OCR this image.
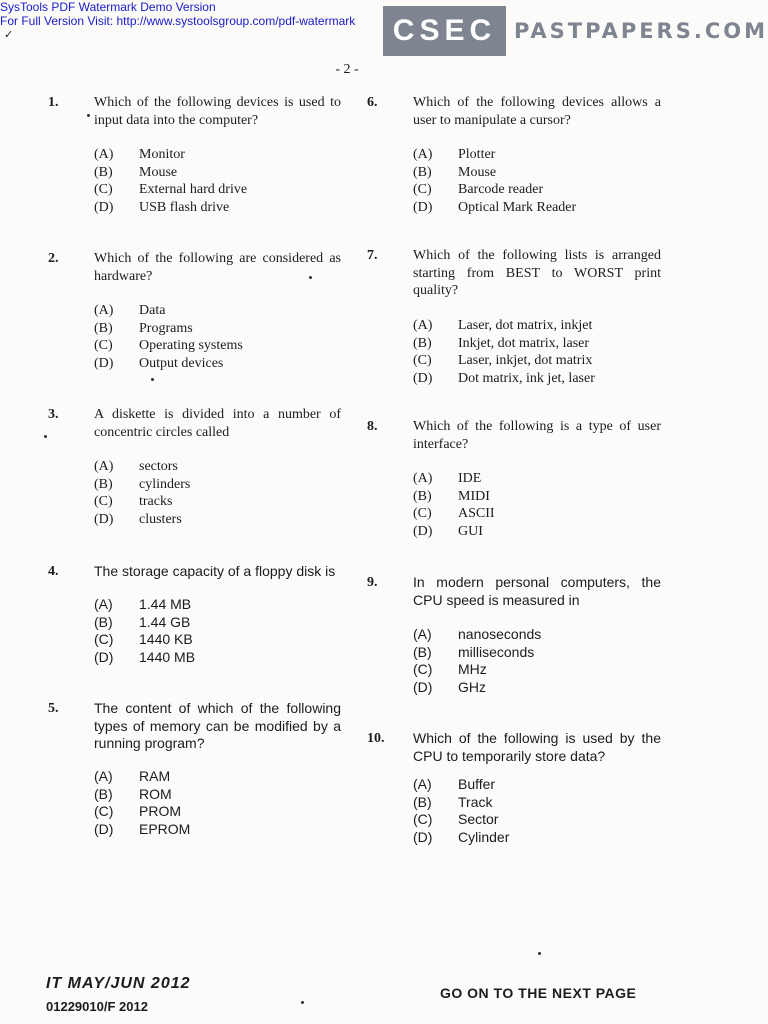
SysTools PDF Watermark Demo Version
For Full Version Visit: http://www.systoolsgroup.com/pdf-watermark
✓	CSEC PASTPAPERS.COM
- 2 -
1.	Which of the following devices is used to input data into the computer?
(A)	Monitor
(B)	Mouse
(C)	External hard drive
(D)	USB flash drive
2.	Which of the following are considered as hardware?
(A)	Data
(B)	Programs
(C)	Operating systems
(D)	Output devices
3.	A diskette is divided into a number of concentric circles called
(A)	sectors
(B)	cylinders
(C)	tracks
(D)	clusters
4.	The storage capacity of a floppy disk is
(A)	1.44 MB
(B)	1.44 GB
(C)	1440 KB
(D)	1440 MB
5.	The content of which of the following types of memory can be modified by a running program?
(A)	RAM
(B)	ROM
(C)	PROM
(D)	EPROM
6.	Which of the following devices allows a user to manipulate a cursor?
(A)	Plotter
(B)	Mouse
(C)	Barcode reader
(D)	Optical Mark Reader
7.	Which of the following lists is arranged starting from BEST to WORST print quality?
(A)	Laser, dot matrix, inkjet
(B)	Inkjet, dot matrix, laser
(C)	Laser, inkjet, dot matrix
(D)	Dot matrix, ink jet, laser
8.	Which of the following is a type of user interface?
(A)	IDE
(B)	MIDI
(C)	ASCII
(D)	GUI
9.	In modern personal computers, the CPU speed is measured in
(A)	nanoseconds
(B)	milliseconds
(C)	MHz
(D)	GHz
10. Which of the following is used by the CPU to temporarily store data?
(A)	Buffer
(B)	Track
(C)	Sector
(D)	Cylinder
IT MAY/JUN 2012
01229010/F 2012
GO ON TO THE NEXT PAGE
